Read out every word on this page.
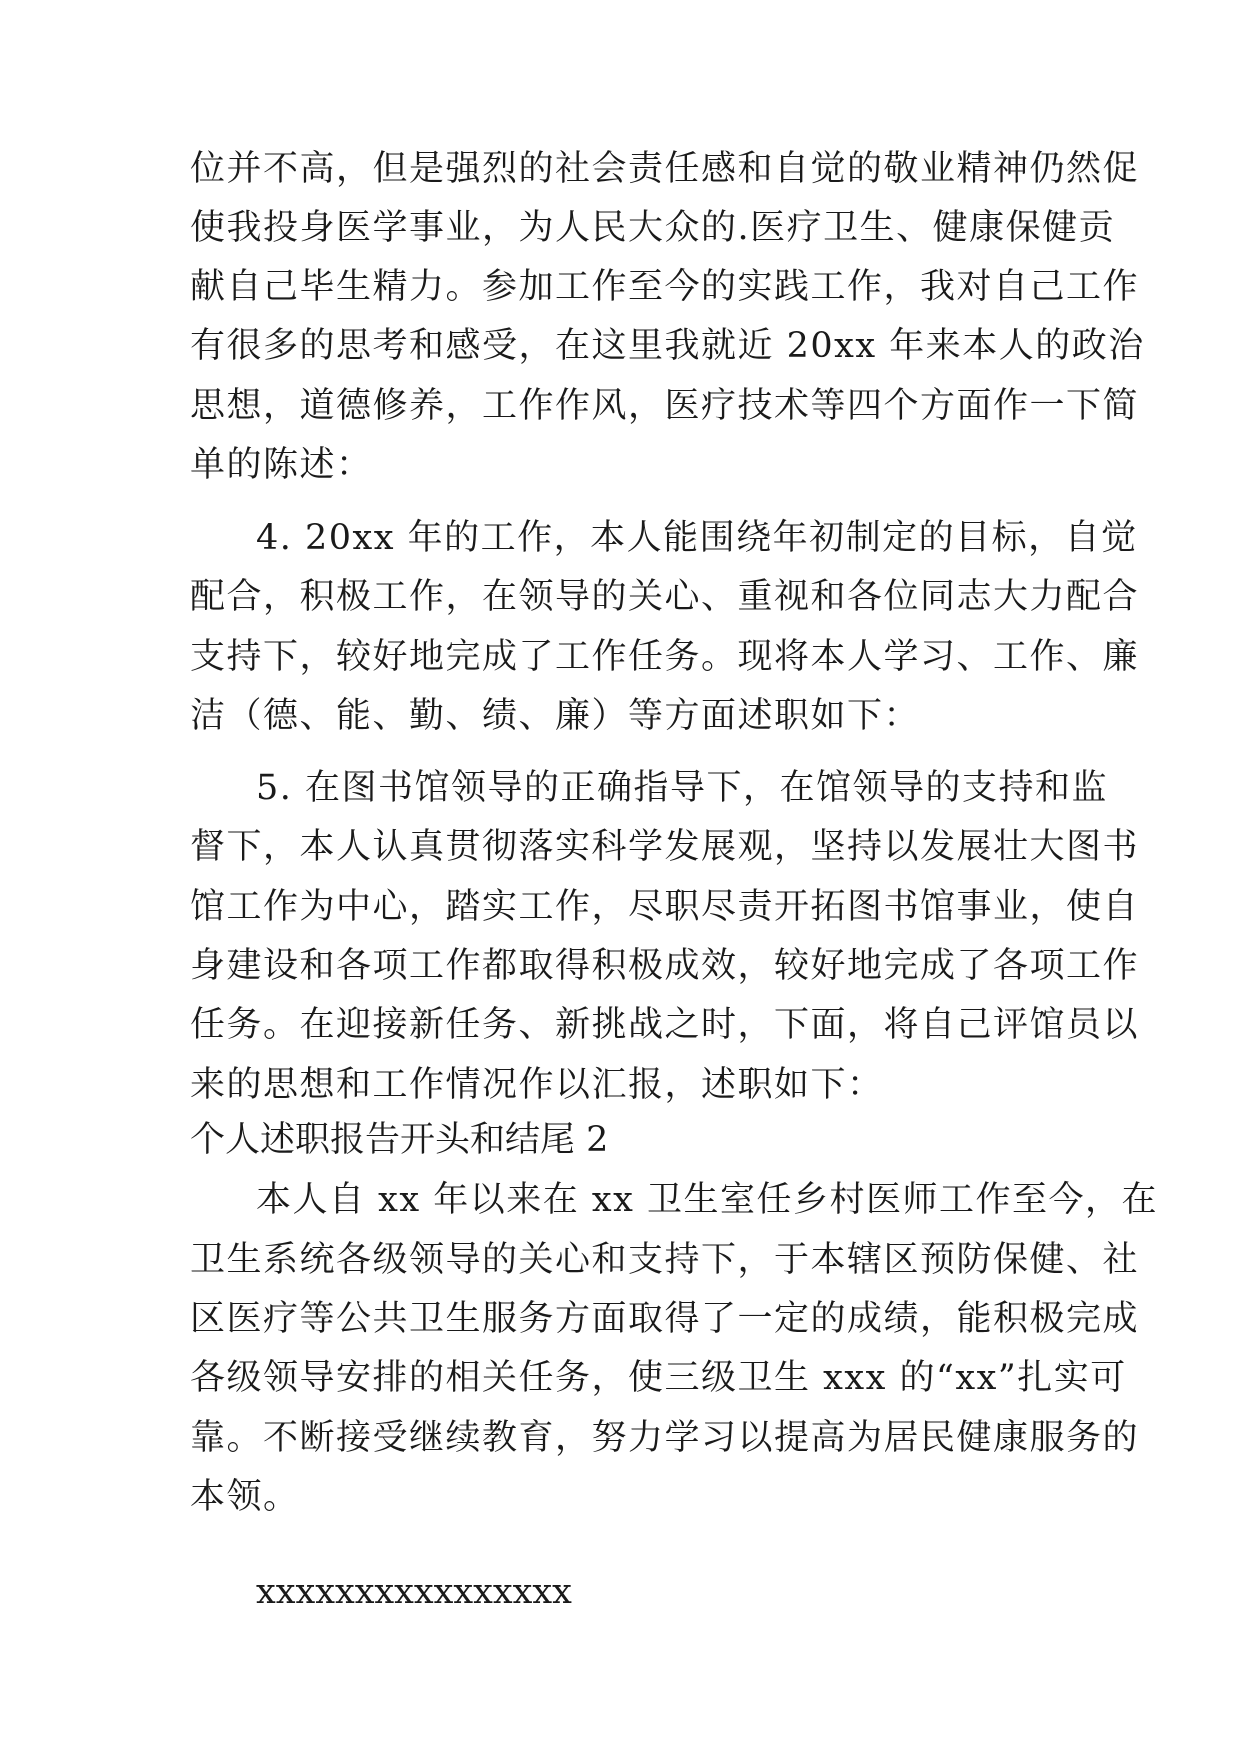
位并不高，但是强烈的社会责任感和自觉的敬业精神仍然促
使我投身医学事业，为人民大众的.医疗卫生、健康保健贡
献自己毕生精力。参加工作至今的实践工作，我对自己工作
有很多的思考和感受，在这里我就近 20xx 年来本人的政治
思想，道德修养，工作作风，医疗技术等四个方面作一下简
单的陈述：
4. 20xx 年的工作，本人能围绕年初制定的目标，自觉
配合，积极工作，在领导的关心、重视和各位同志大力配合
支持下，较好地完成了工作任务。现将本人学习、工作、廉
洁（德、能、勤、绩、廉）等方面述职如下：
5. 在图书馆领导的正确指导下，在馆领导的支持和监
督下，本人认真贯彻落实科学发展观，坚持以发展壮大图书
馆工作为中心，踏实工作，尽职尽责开拓图书馆事业，使自
身建设和各项工作都取得积极成效，较好地完成了各项工作
任务。在迎接新任务、新挑战之时，下面，将自己评馆员以
来的思想和工作情况作以汇报，述职如下：
个人述职报告开头和结尾 2
本人自 xx 年以来在 xx 卫生室任乡村医师工作至今，在
卫生系统各级领导的关心和支持下，于本辖区预防保健、社
区医疗等公共卫生服务方面取得了一定的成绩，能积极完成
各级领导安排的相关任务，使三级卫生 xxx 的“xx”扎实可
靠。不断接受继续教育，努力学习以提高为居民健康服务的
本领。
xxxxxxxxxxxxxxxx
